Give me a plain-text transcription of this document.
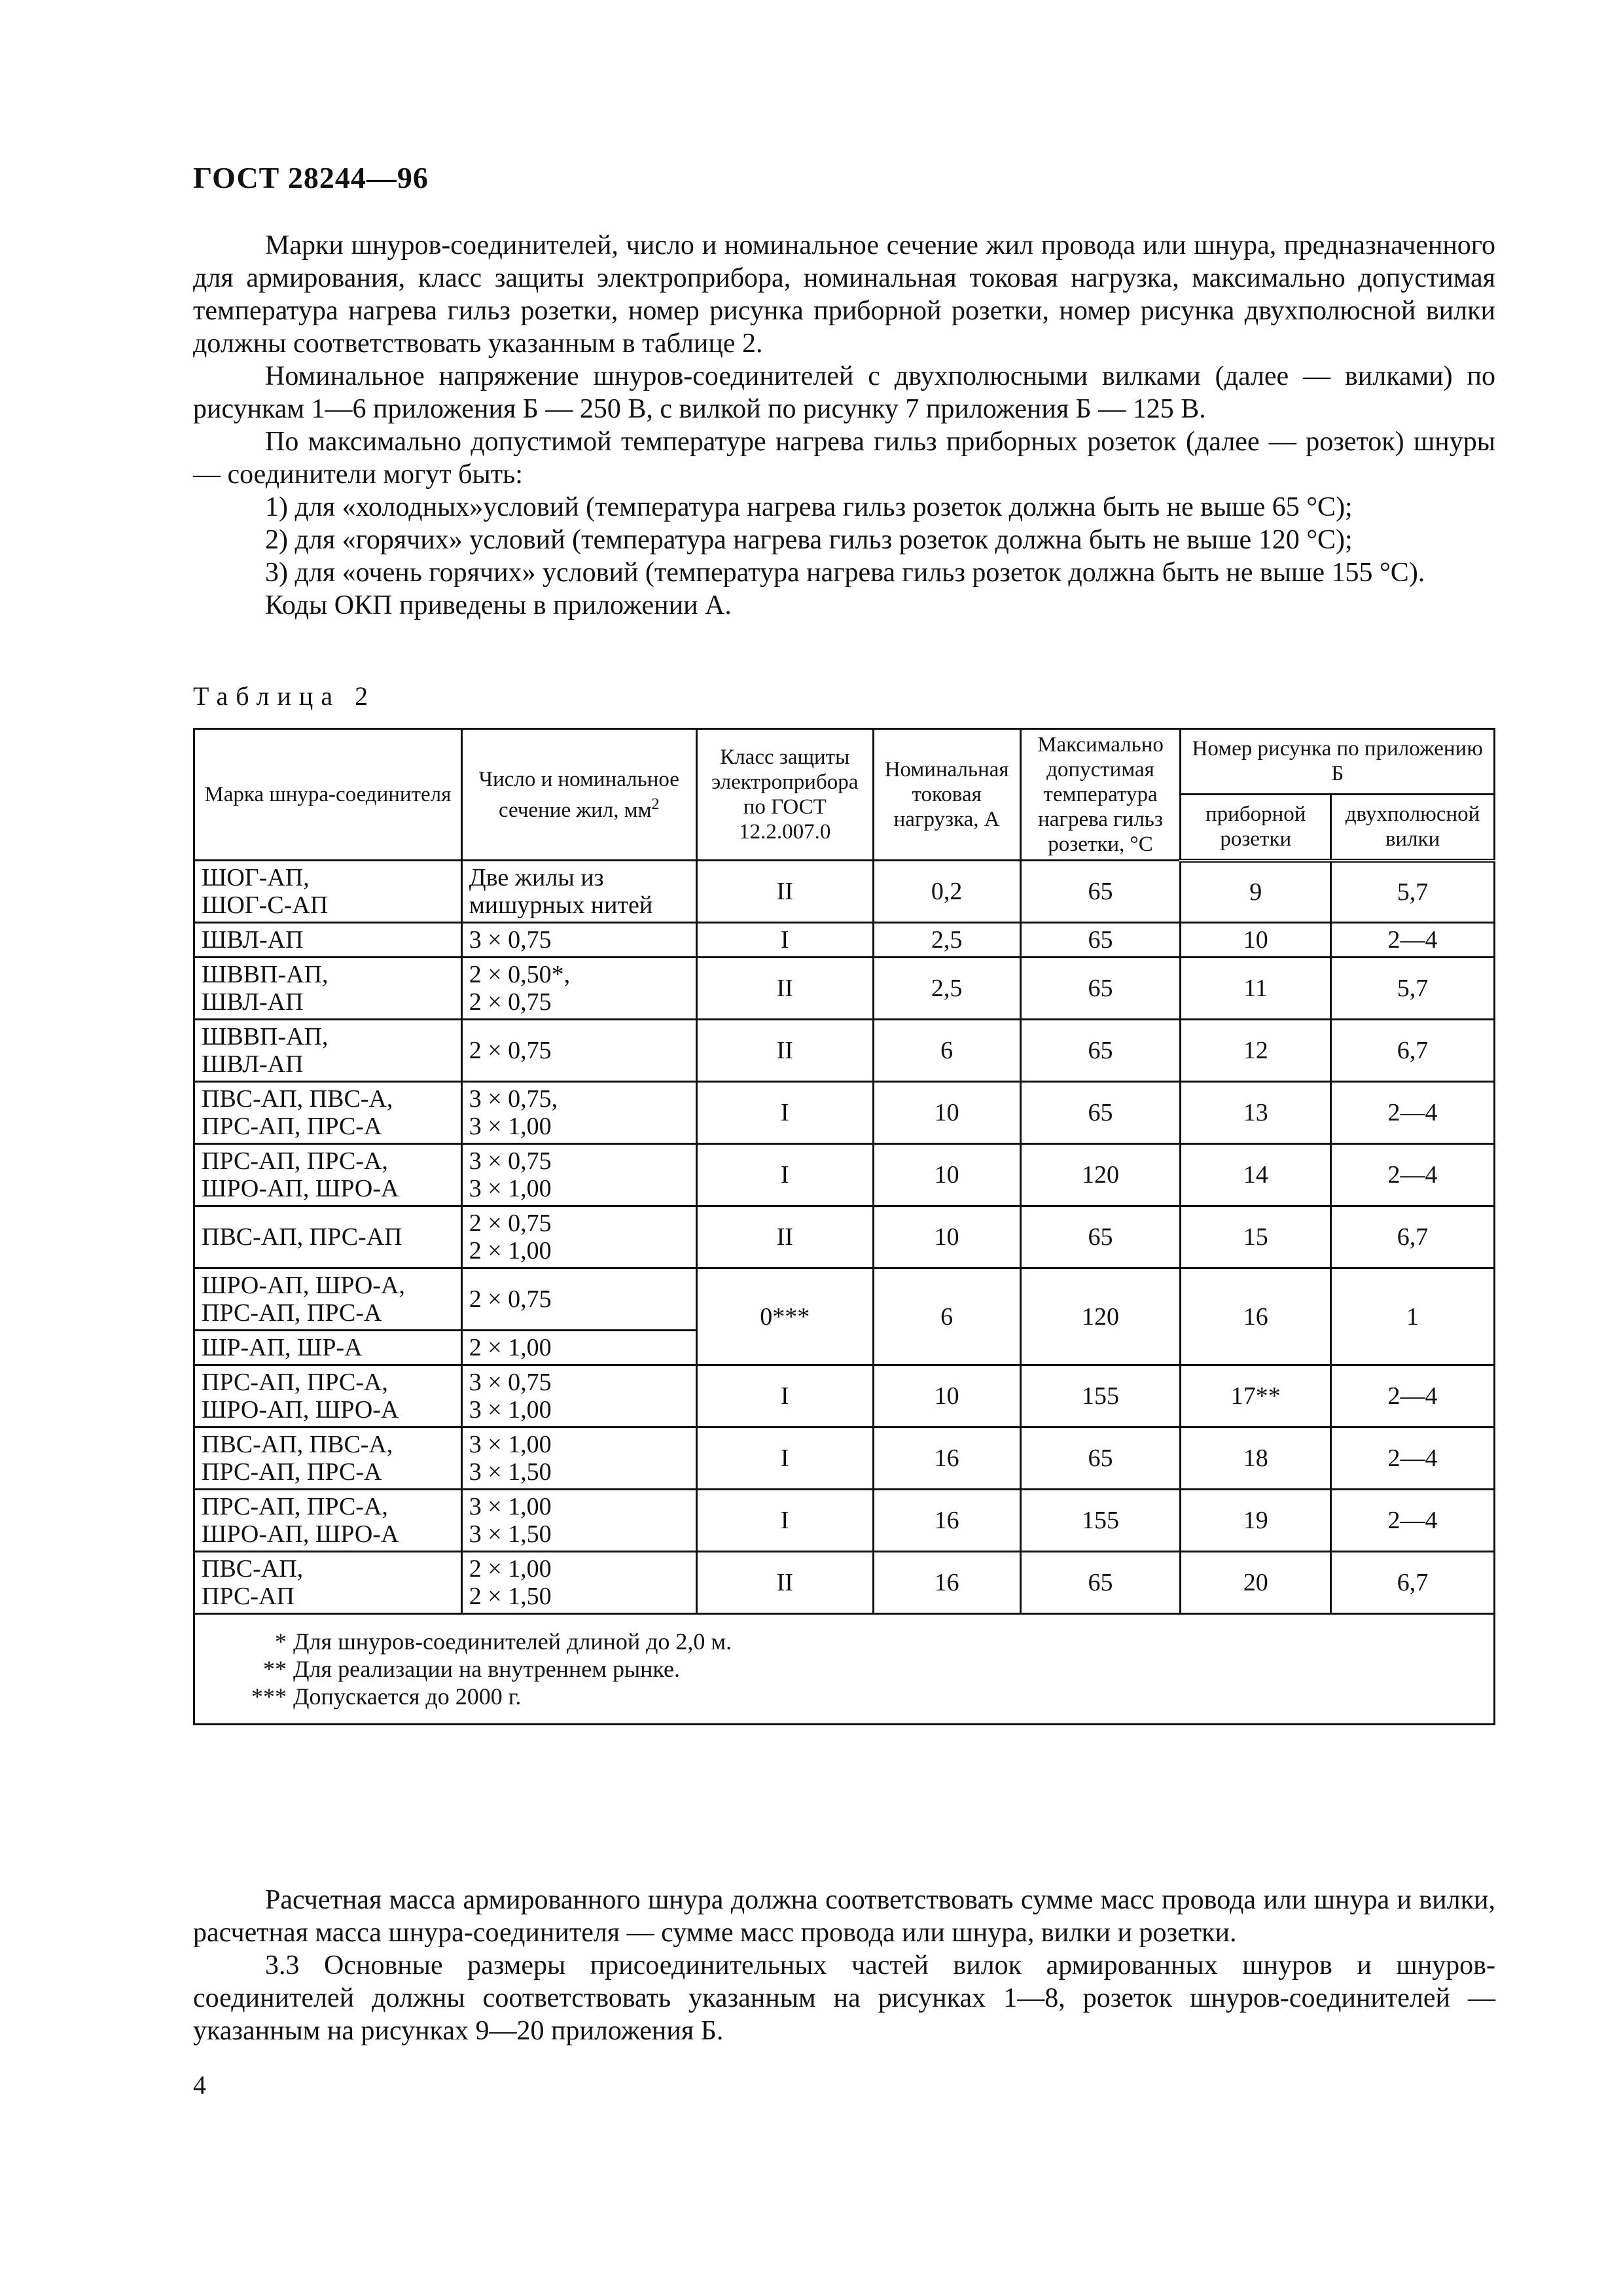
ГОСТ 28244—96

Марки шнуров-соединителей, число и номинальное сечение жил провода или шнура, предназначенного для армирования, класс защиты электроприбора, номинальная токовая нагрузка, максимально допустимая температура нагрева гильз розетки, номер рисунка приборной розетки, номер рисунка двухполюсной вилки должны соответствовать указанным в таблице 2.

Номинальное напряжение шнуров-соединителей с двухполюсными вилками (далее — вилками) по рисункам 1—6 приложения Б — 250 В, с вилкой по рисунку 7 приложения Б — 125 В.

По максимально допустимой температуре нагрева гильз приборных розеток (далее — розеток) шнуры — соединители могут быть:

1) для «холодных»условий (температура нагрева гильз розеток должна быть не выше 65 °С);

2) для «горячих» условий (температура нагрева гильз розеток должна быть не выше 120 °С);

3) для «очень горячих» условий (температура нагрева гильз розеток должна быть не выше 155 °С).

Коды ОКП приведены в приложении А.

Таблица 2
Марка шнура-соединителя	Число и номинальное сечение жил, $мм^2$	Класс защиты электроприбора по ГОСТ 12.2.007.0	Номинальная токовая нагрузка, А	Максимально допустимая температура нагрева гильз розетки, °С	Номер рисунка по приложению Б	
					приборной розетки	двухполюсной вилки

ШОГ-АП,
ШОГ-С-АП	Две жилы из
мишурных нитей	II	0,2	65	9	5,7

ШВЛ-АП	3 × 0,75	I	2,5	65	10	2—4

ШВВП-АП,
ШВЛ-АП	2 × 0,50*,
2 × 0,75	II	2,5	65	11	5,7

ШВВП-АП,
ШВЛ-АП	2 × 0,75	II	6	65	12	6,7

ПВС-АП, ПВС-А,
ПРС-АП, ПРС-А	3 × 0,75,
3 × 1,00	I	10	65	13	2—4

ПРС-АП, ПРС-А,
ШРО-АП, ШРО-А	3 × 0,75
3 × 1,00	I	10	120	14	2—4

ПВС-АП, ПРС-АП	2 × 0,75
2 × 1,00	II	10	65	15	6,7

ШРО-АП, ШРО-А,
ПРС-АП, ПРС-А	2 × 0,75	0***	6	120	16	1

ШР-АП, ШР-А	2 × 1,00					

ПРС-АП, ПРС-А,
ШРО-АП, ШРО-А	3 × 0,75
3 × 1,00	I	10	155	17**	2—4

ПВС-АП, ПВС-А,
ПРС-АП, ПРС-А	3 × 1,00
3 × 1,50	I	16	65	18	2—4

ПРС-АП, ПРС-А,
ШРО-АП, ШРО-А	3 × 1,00
3 × 1,50	I	16	155	19	2—4

ПВС-АП,
ПРС-АП	2 × 1,00
2 × 1,50	II	16	65	20	6,7

* Для шнуров-соединителей длиной до 2,0 м.
** Для реализации на внутреннем рынке.
*** Допускается до 2000 г.						

Расчетная масса армированного шнура должна соответствовать сумме масс провода или шнура и вилки, расчетная масса шнура-соединителя — сумме масс провода или шнура, вилки и розетки.

3.3 Основные размеры присоединительных частей вилок армированных шнуров и шнуров-соединителей должны соответствовать указанным на рисунках 1—8, розеток шнуров-соединителей — указанным на рисунках 9—20 приложения Б.

4
